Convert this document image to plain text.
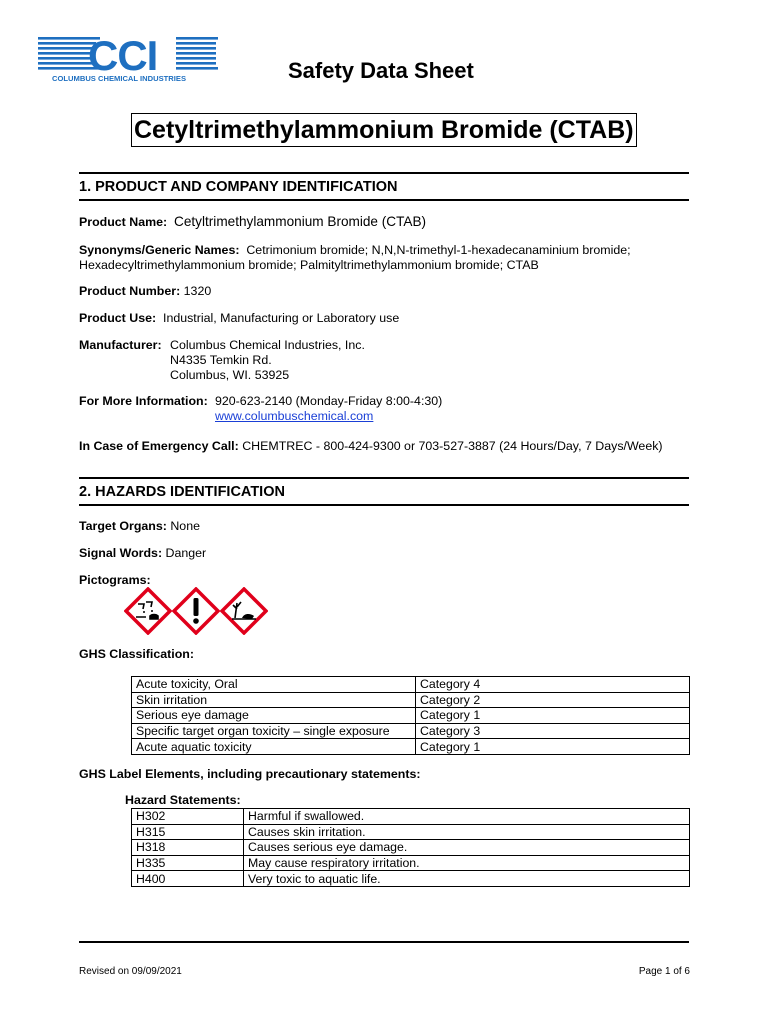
CCI
COLUMBUS CHEMICAL INDUSTRIES	Safety Data Sheet
Cetyltrimethylammonium Bromide (CTAB)
1. PRODUCT AND COMPANY IDENTIFICATION
Product Name: Cetyltrimethylammonium Bromide (CTAB)
Synonyms/Generic Names: Cetrimonium bromide; N,N,N-trimethyl-1-hexadecanaminium bromide;
Hexadecyltrimethylammonium bromide; Palmityltrimethylammonium bromide; CTAB
Product Number: 1320
Product Use: Industrial, Manufacturing or Laboratory use
Manufacturer: Columbus Chemical Industries, Inc.
N4335 Temkin Rd.
Columbus, WI. 53925
For More Information: 920-623-2140 (Monday-Friday 8:00-4:30)
www.columbuschemical.com
In Case of Emergency Call: CHEMTREC - 800-424-9300 or 703-527-3887 (24 Hours/Day, 7 Days/Week)
2. HAZARDS IDENTIFICATION
Target Organs: None
Signal Words: Danger
Pictograms:
GHS Classification:
Acute toxicity, Oral	Category 4
Skin irritation	Category 2
Serious eye damage	Category 1
Specific target organ toxicity – single exposure	Category 3
Acute aquatic toxicity	Category 1
GHS Label Elements, including precautionary statements:
Hazard Statements:
H302	Harmful if swallowed.
H315	Causes skin irritation.
H318	Causes serious eye damage.
H335	May cause respiratory irritation.
H400	Very toxic to aquatic life.
Revised on 09/09/2021	Page 1 of 6
